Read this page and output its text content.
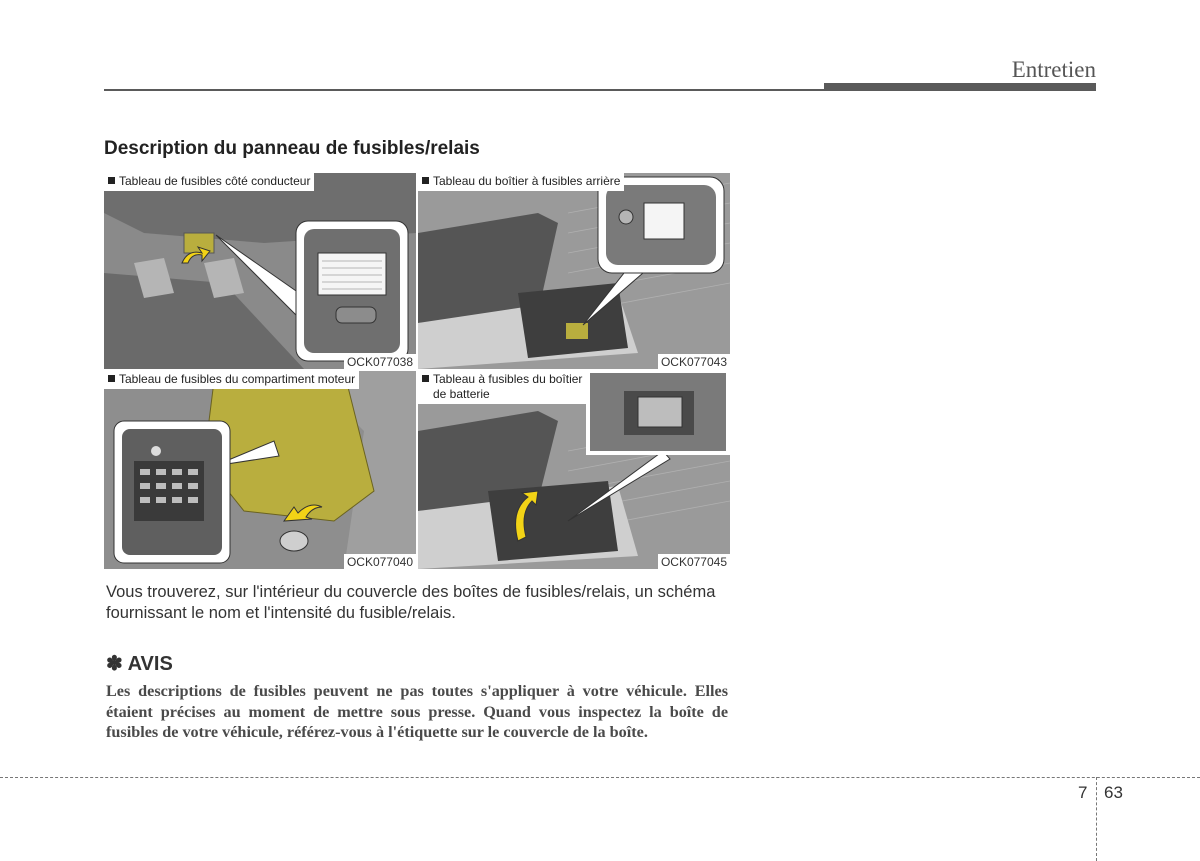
Entretien
Description du panneau de fusibles/relais
Tableau de fusibles côté conducteur
OCK077038
Tableau du boîtier à fusibles arrière
OCK077043
Tableau de fusibles du compartiment moteur
OCK077040
Tableau à fusibles du boîtier
de batterie
OCK077045
Vous trouverez, sur l'intérieur du couvercle des boîtes de fusibles/relais, un schéma fournissant le nom et l'intensité du fusible/relais.
✽ AVIS
Les descriptions de fusibles peuvent ne pas toutes s'appliquer à votre véhicule. Elles étaient précises au moment de mettre sous presse. Quand vous inspectez la boîte de fusibles de votre véhicule, référez-vous à l'étiquette sur le couvercle de la boîte.
7 63
